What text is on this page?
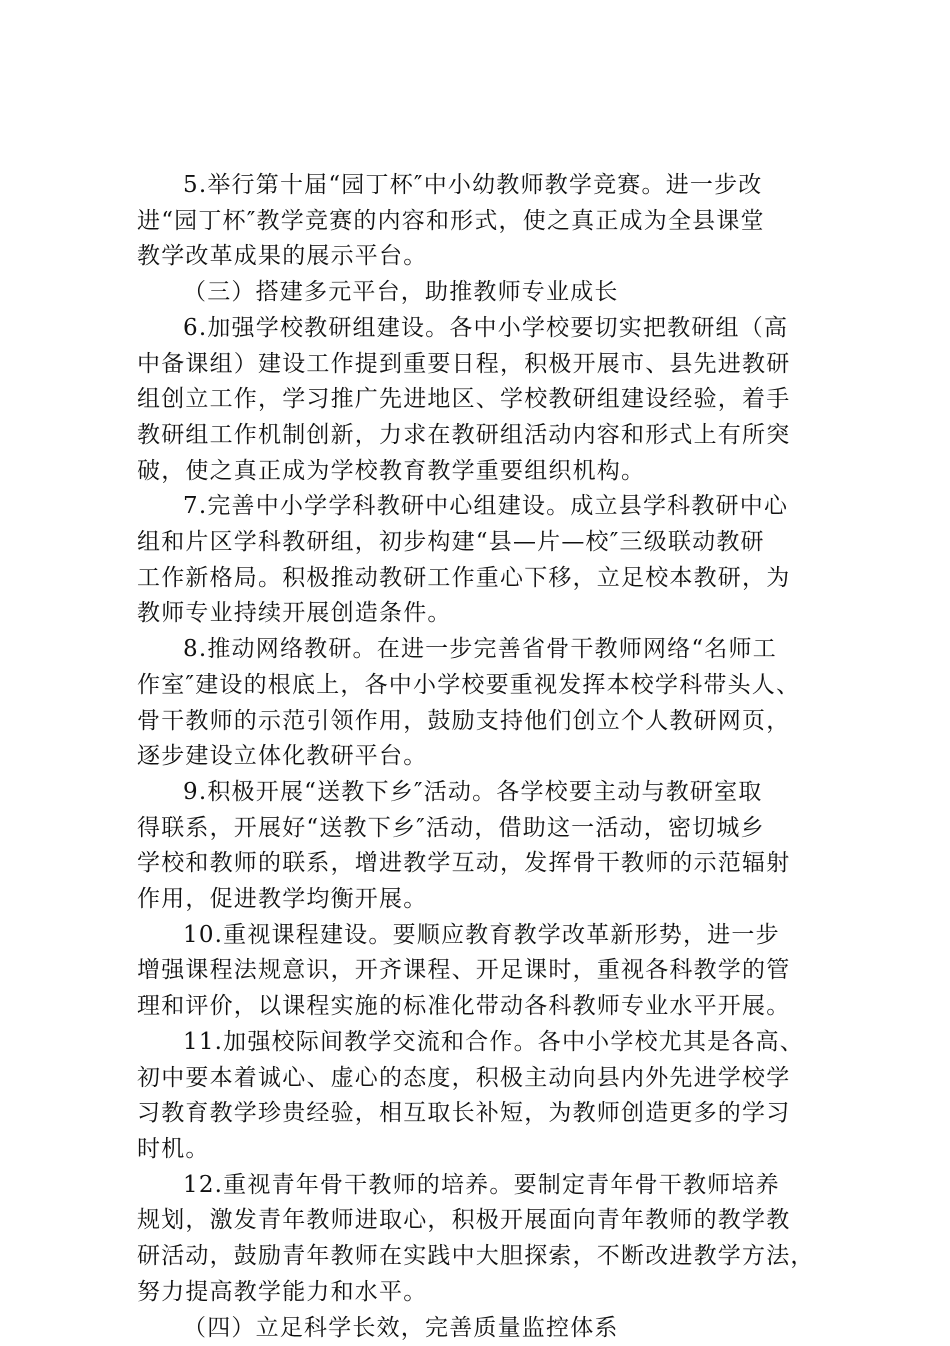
5.举行第十届“园丁杯″中小幼教师教学竞赛。进一步改
进“园丁杯″教学竞赛的内容和形式，使之真正成为全县课堂
教学改革成果的展示平台。

（三）搭建多元平台，助推教师专业成长

6.加强学校教研组建设。各中小学校要切实把教研组（高
中备课组）建设工作提到重要日程，积极开展市、县先进教研
组创立工作，学习推广先进地区、学校教研组建设经验，着手
教研组工作机制创新，力求在教研组活动内容和形式上有所突
破，使之真正成为学校教育教学重要组织机构。

7.完善中小学学科教研中心组建设。成立县学科教研中心
组和片区学科教研组，初步构建“县—片—校″三级联动教研
工作新格局。积极推动教研工作重心下移，立足校本教研，为
教师专业持续开展创造条件。

8.推动网络教研。在进一步完善省骨干教师网络“名师工
作室″建设的根底上，各中小学校要重视发挥本校学科带头人、
骨干教师的示范引领作用，鼓励支持他们创立个人教研网页，
逐步建设立体化教研平台。

9.积极开展“送教下乡″活动。各学校要主动与教研室取
得联系，开展好“送教下乡″活动，借助这一活动，密切城乡
学校和教师的联系，增进教学互动，发挥骨干教师的示范辐射
作用，促进教学均衡开展。

10.重视课程建设。要顺应教育教学改革新形势，进一步
增强课程法规意识，开齐课程、开足课时，重视各科教学的管
理和评价，以课程实施的标准化带动各科教师专业水平开展。

11.加强校际间教学交流和合作。各中小学校尤其是各高、
初中要本着诚心、虚心的态度，积极主动向县内外先进学校学
习教育教学珍贵经验，相互取长补短，为教师创造更多的学习
时机。

12.重视青年骨干教师的培养。要制定青年骨干教师培养
规划，激发青年教师进取心，积极开展面向青年教师的教学教
研活动，鼓励青年教师在实践中大胆探索，不断改进教学方法，
努力提高教学能力和水平。

（四）立足科学长效，完善质量监控体系
